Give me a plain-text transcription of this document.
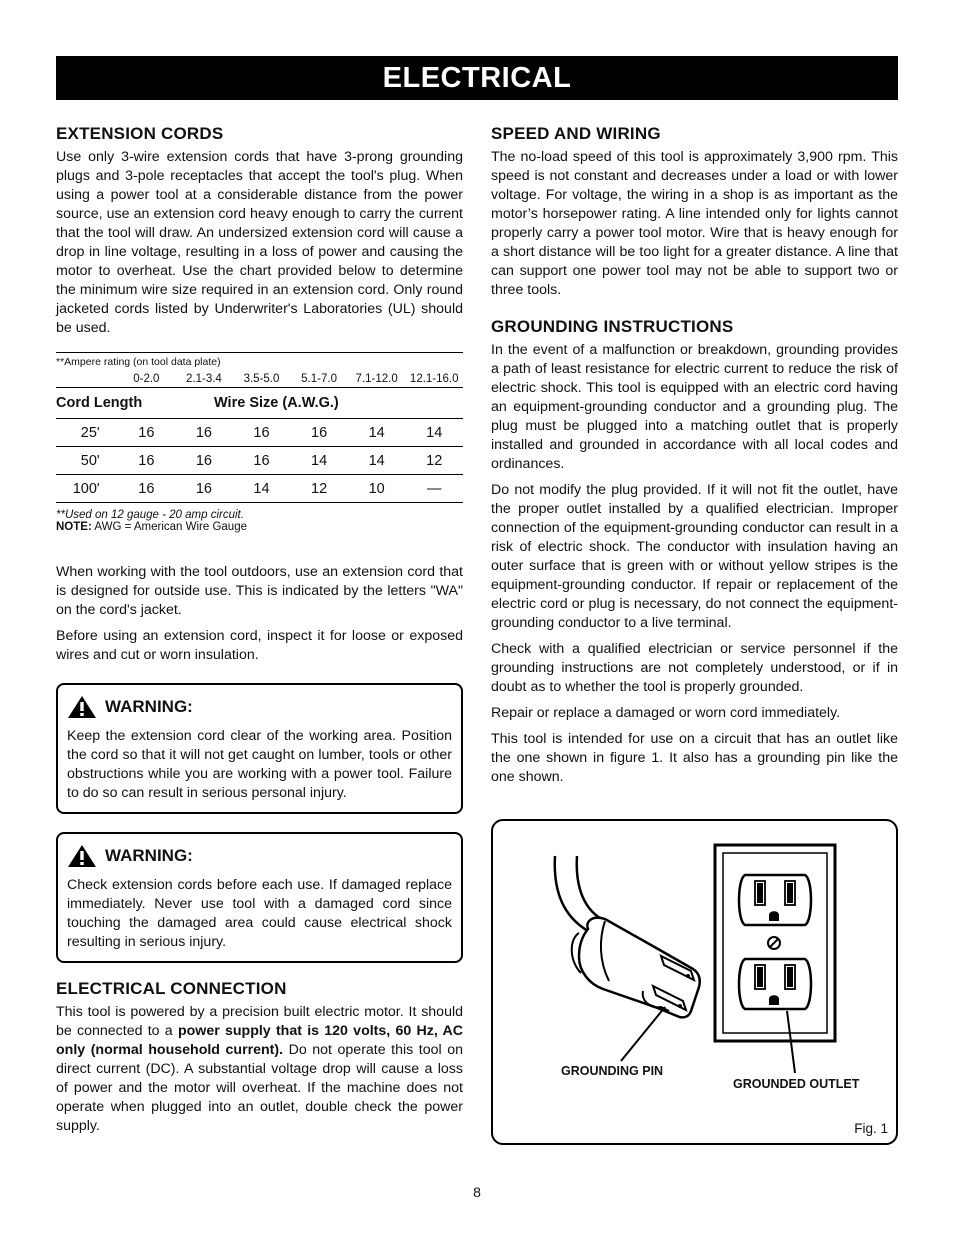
ELECTRICAL
EXTENSION CORDS

Use only 3-wire extension cords that have 3-prong grounding plugs and 3-pole receptacles that accept the tool's plug. When using a power tool at a considerable distance from the power source, use an extension cord heavy enough to carry the current that the tool will draw. An undersized extension cord will cause a drop in line voltage, resulting in a loss of power and causing the motor to overheat. Use the chart provided below to determine the minimum wire size required in an extension cord. Only round jacketed cords listed by Underwriter's Laboratories (UL) should be used.

**Ampere rating (on tool data plate)
0-2.0	2.1-3.4	3.5-5.0	5.1-7.0	7.1-12.0	12.1-16.0
Cord Length	Wire Size (A.W.G.)
25'	16	16	16	16	14	14
50'	16	16	16	14	14	12
100'	16	16	14	12	10	—
**Used on 12 gauge - 20 amp circuit.
NOTE: AWG = American Wire Gauge

When working with the tool outdoors, use an extension cord that is designed for outside use. This is indicated by the letters "WA" on the cord's jacket.

Before using an extension cord, inspect it for loose or exposed wires and cut or worn insulation.

WARNING:

Keep the extension cord clear of the working area. Position the cord so that it will not get caught on lumber, tools or other obstructions while you are working with a power tool. Failure to do so can result in serious personal injury.

WARNING:

Check extension cords before each use. If damaged replace immediately. Never use tool with a damaged cord since touching the damaged area could cause electrical shock resulting in serious injury.

ELECTRICAL CONNECTION

This tool is powered by a precision built electric motor. It should be connected to a power supply that is 120 volts, 60 Hz, AC only (normal household current). Do not operate this tool on direct current (DC). A substantial voltage drop will cause a loss of power and the motor will overheat. If the machine does not operate when plugged into an outlet, double check the power supply.

SPEED AND WIRING

The no-load speed of this tool is approximately 3,900 rpm. This speed is not constant and decreases under a load or with lower voltage. For voltage, the wiring in a shop is as important as the motor’s horsepower rating. A line intended only for lights cannot properly carry a power tool motor. Wire that is heavy enough for a short distance will be too light for a greater distance. A line that can support one power tool may not be able to support two or three tools.

GROUNDING INSTRUCTIONS

In the event of a malfunction or breakdown, grounding provides a path of least resistance for electric current to reduce the risk of electric shock. This tool is equipped with an electric cord having an equipment-grounding conductor and a grounding plug. The plug must be plugged into a matching outlet that is properly installed and grounded in accordance with all local codes and ordinances.

Do not modify the plug provided. If it will not fit the outlet, have the proper outlet installed by a qualified electrician. Improper connection of the equipment-grounding conductor can result in a risk of electric shock. The conductor with insulation having an outer surface that is green with or without yellow stripes is the equipment-grounding conductor. If repair or replacement of the electric cord or plug is necessary, do not connect the equipment-grounding conductor to a live terminal.

Check with a qualified electrician or service personnel if the grounding instructions are not completely understood, or if in doubt as to whether the tool is properly grounded.

Repair or replace a damaged or worn cord immediately.

This tool is intended for use on a circuit that has an outlet like the one shown in figure 1. It also has a grounding pin like the one shown.

GROUNDING PIN
GROUNDED OUTLET
Fig. 1
8
